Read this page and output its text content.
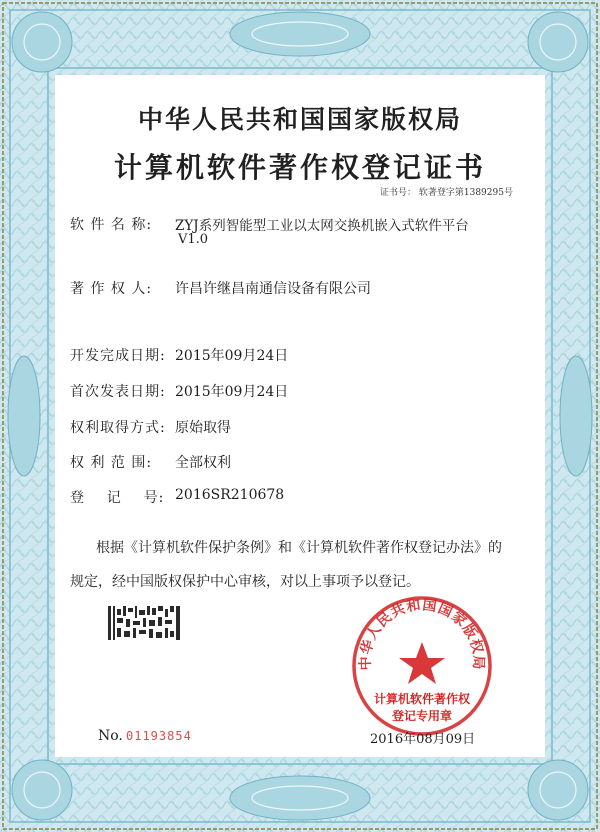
中华人民共和国国家版权局
计算机软件著作权登记证书
证书号： 软著登字第1389295号
软 件 名 称: ZYJ系列智能型工业以太网交换机嵌入式软件平台
V1.0
著 作 权 人: 许昌许继昌南通信设备有限公司
开发完成日期: 2015年09月24日
首次发表日期: 2015年09月24日
权利取得方式: 原始取得
权 利 范 围: 全部权利
登    记    号: 2016SR210678
根据《计算机软件保护条例》和《计算机软件著作权登记办法》的
规定，经中国版权保护中心审核，对以上事项予以登记。
中华人民共和国国家版权局
计算机软件著作权
登记专用章
No. 01193854	2016年08月09日
